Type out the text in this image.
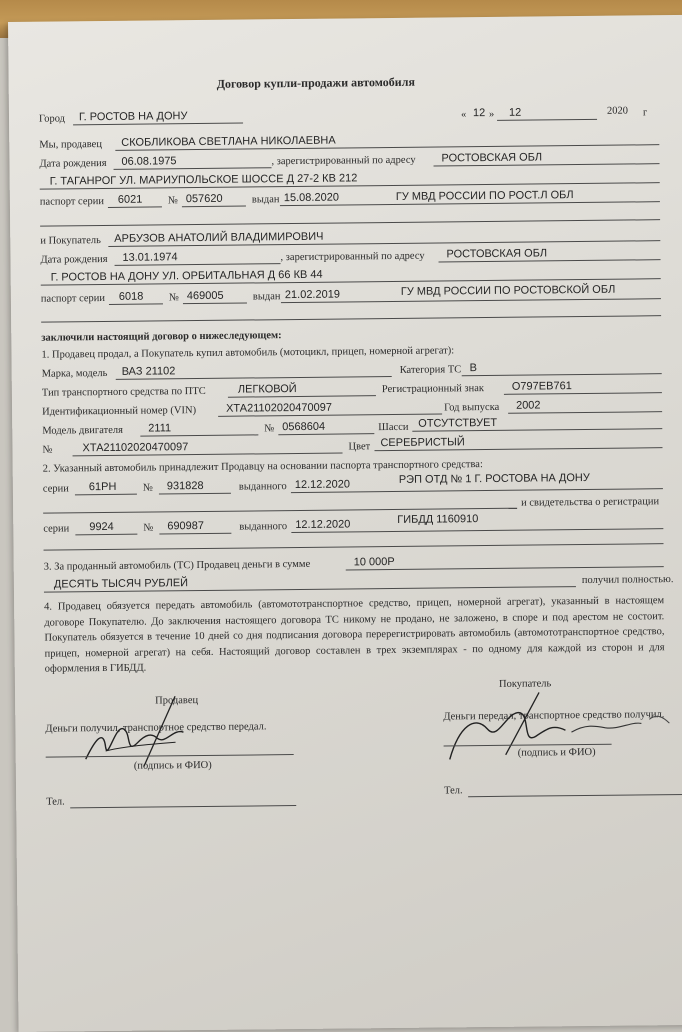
Договор купли-продажи автомобиля
Город Г. РОСТОВ НА ДОНУ	« 12 » 12	2020 г
Мы, продавец СКОБЛИКОВА СВЕТЛАНА НИКОЛАЕВНА
Дата рождения 06.08.1975	, зарегистрированный по адресу РОСТОВСКАЯ ОБЛ
Г. ТАГАНРОГ УЛ. МАРИУПОЛЬСКОЕ ШОССЕ Д 27-2 КВ 212
паспорт серии 6021 № 057620	выдан 15.08.2020	ГУ МВД РОССИИ ПО РОСТ.Л ОБЛ
и Покупатель АРБУЗОВ АНАТОЛИЙ ВЛАДИМИРОВИЧ
Дата рождения 13.01.1974	, зарегистрированный по адресу РОСТОВСКАЯ ОБЛ
Г. РОСТОВ НА ДОНУ УЛ. ОРБИТАЛЬНАЯ Д 66 КВ 44
паспорт серии 6018 № 469005	выдан 21.02.2019	ГУ МВД РОССИИ ПО РОСТОВСКОЙ ОБЛ
заключили настоящий договор о нижеследующем:
1. Продавец продал, а Покупатель купил автомобиль (мотоцикл, прицеп, номерной агрегат):
Марка, модель ВАЗ 21102	Категория ТС В
Тип транспортного средства по ПТС	ЛЕГКОВОЙ	Регистрационный знак	О797ЕВ761
Идентификационный номер (VIN)	ХТА21102020470097	Год выпуска 2002
Модель двигателя 2111	№ 0568604	Шасси ОТСУТСТВУЕТ
№	ХТА21102020470097	Цвет СЕРЕБРИСТЫЙ
2. Указанный автомобиль принадлежит Продавцу на основании паспорта транспортного средства:
серии 61РН	№ 931828	выданного 12.12.2020	РЭП ОТД № 1 Г. РОСТОВА НА ДОНУ
и свидетельства о регистрации
серии 9924	№ 690987	выданного 12.12.2020	ГИБДД 1160910
3. За проданный автомобиль (ТС) Продавец деньги в сумме	10 000Р
ДЕСЯТЬ ТЫСЯЧ РУБЛЕЙ	получил полностью.
4. Продавец обязуется передать автомобиль (автомототранспортное средство, прицеп, номерной агрегат), указанный в настоящем договоре Покупателю. До заключения настоящего договора ТС никому не продано, не заложено, в споре и под арестом не состоит. Покупатель обязуется в течение 10 дней со дня подписания договора перерегистрировать автомобиль (автомототранспортное средство, прицеп, номерной агрегат) на себя. Настоящий договор составлен в трех экземплярах - по одному для каждой из сторон и для оформления в ГИБДД.
Продавец
Покупатель
Деньги получил, транспортное средство передал.
Деньги передал, транспортное средство получил.
(подпись и ФИО)
(подпись и ФИО)
Тел.
Тел.
